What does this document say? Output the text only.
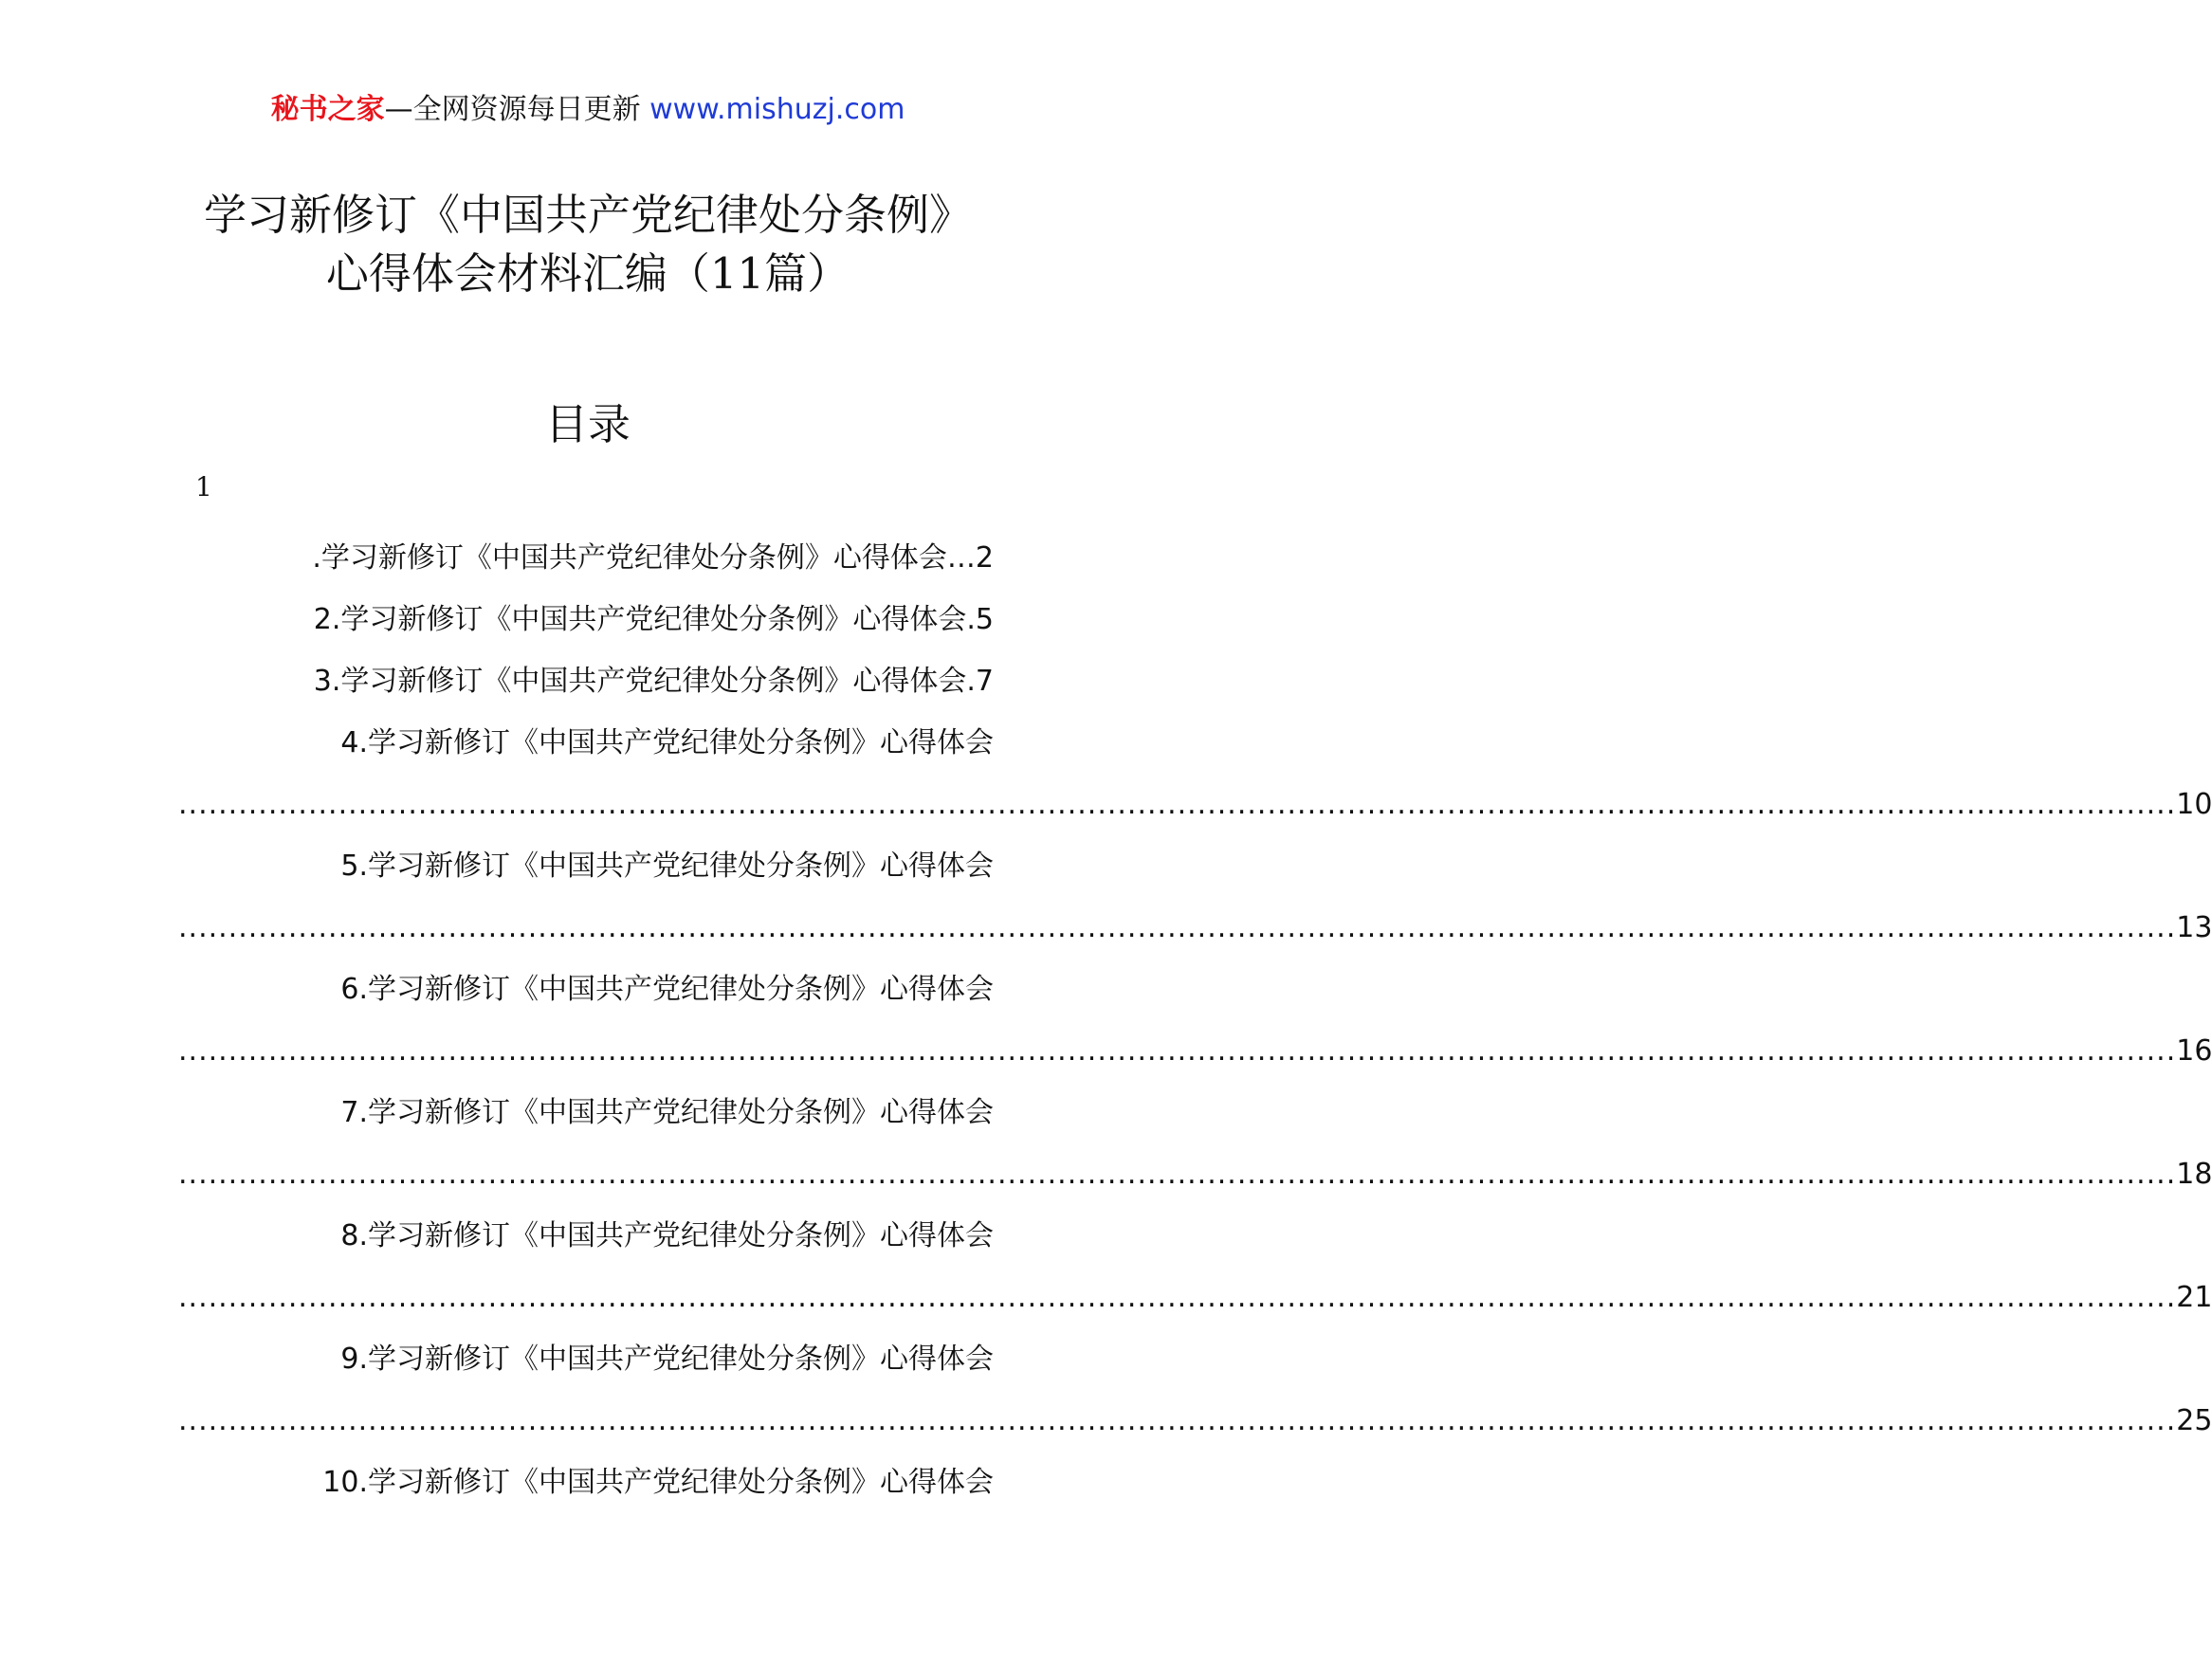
秘书之家—全网资源每日更新 www.mishuzj.com
学习新修订《中国共产党纪律处分条例》
心得体会材料汇编（11篇）
目录
1
.学习新修订《中国共产党纪律处分条例》心得体会…2
2.学习新修订《中国共产党纪律处分条例》心得体会.5
3.学习新修订《中国共产党纪律处分条例》心得体会.7
4.学习新修订《中国共产党纪律处分条例》心得体会
........................................................................................................................................................................................................ 10
5.学习新修订《中国共产党纪律处分条例》心得体会
........................................................................................................................................................................................................ 13
6.学习新修订《中国共产党纪律处分条例》心得体会
........................................................................................................................................................................................................ 16
7.学习新修订《中国共产党纪律处分条例》心得体会
........................................................................................................................................................................................................ 18
8.学习新修订《中国共产党纪律处分条例》心得体会
........................................................................................................................................................................................................ 21
9.学习新修订《中国共产党纪律处分条例》心得体会
........................................................................................................................................................................................................ 25
10.学习新修订《中国共产党纪律处分条例》心得体会
